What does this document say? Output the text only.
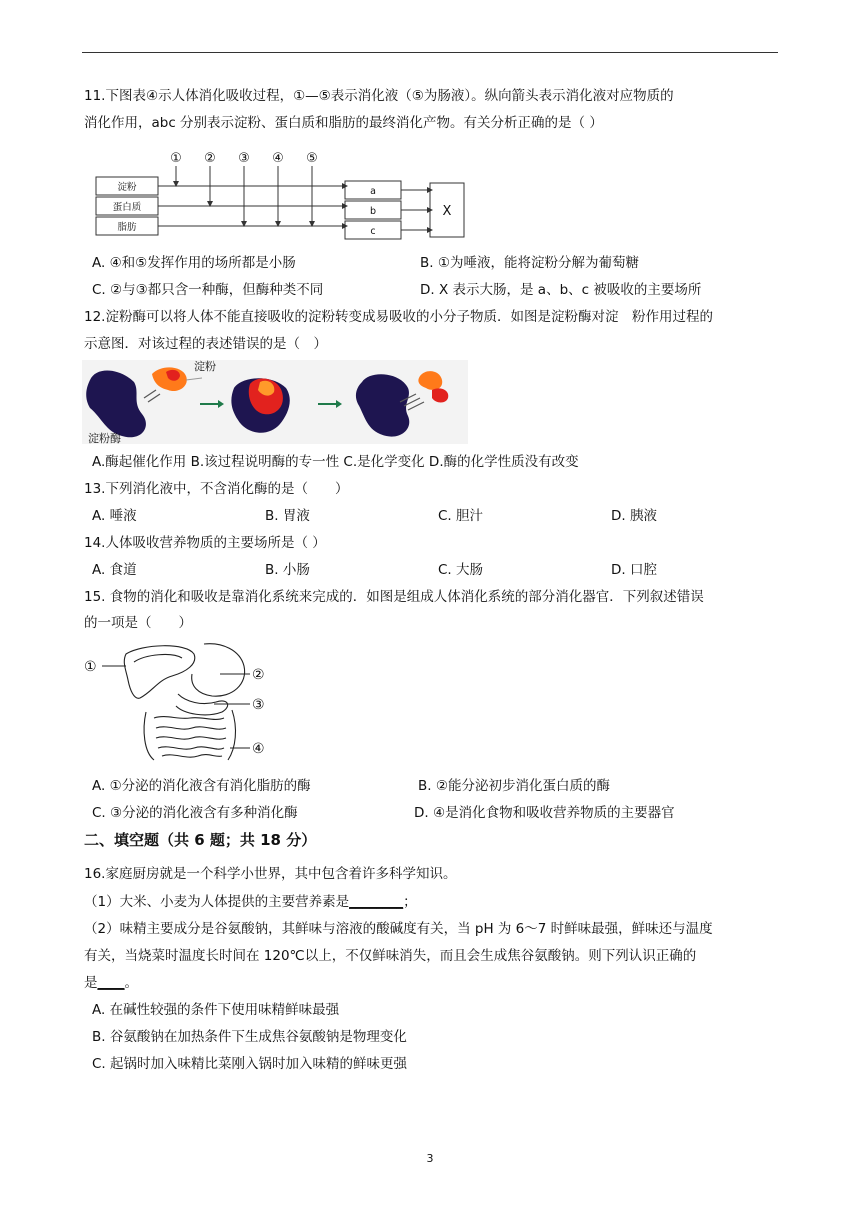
11.下图表④示人体消化吸收过程，①—⑤表示消化液（⑤为肠液）。纵向箭头表示消化液对应物质的
消化作用，abc 分别表示淀粉、蛋白质和脂肪的最终消化产物。有关分析正确的是（ ）
① ② ③ ④ ⑤
淀粉
蛋白质
脂肪
a
b
c
X
A. ④和⑤发挥作用的场所都是小肠	B. ①为唾液，能将淀粉分解为葡萄糖
C. ②与③都只含一种酶，但酶种类不同	D. X 表示大肠，是 a、b、c 被吸收的主要场所
12.淀粉酶可以将人体不能直接吸收的淀粉转变成易吸收的小分子物质．如图是淀粉酶对淀　粉作用过程的
示意图．对该过程的表述错误的是（　）
淀粉
淀粉酶
A.酶起催化作用 B.该过程说明酶的专一性 C.是化学变化 D.酶的化学性质没有改变
13.下列消化液中，不含消化酶的是（　　）
A. 唾液	B. 胃液	C. 胆汁	D. 胰液
14.人体吸收营养物质的主要场所是（ ）
A. 食道	B. 小肠	C. 大肠	D. 口腔
15. 食物的消化和吸收是靠消化系统来完成的．如图是组成人体消化系统的部分消化器官．下列叙述错误
的一项是（　　）
①	②
③
④
A. ①分泌的消化液含有消化脂肪的酶	B. ②能分泌初步消化蛋白质的酶
C. ③分泌的消化液含有多种消化酶	D. ④是消化食物和吸收营养物质的主要器官
二、填空题（共 6 题；共 18 分）
16.家庭厨房就是一个科学小世界，其中包含着许多科学知识。
（1）大米、小麦为人体提供的主要营养素是________；
（2）味精主要成分是谷氨酸钠，其鲜味与溶液的酸碱度有关，当 pH 为 6～7 时鲜味最强，鲜味还与温度
有关，当烧菜时温度长时间在 120℃以上，不仅鲜味消失，而且会生成焦谷氨酸钠。则下列认识正确的
是____。
A. 在碱性较强的条件下使用味精鲜味最强
B. 谷氨酸钠在加热条件下生成焦谷氨酸钠是物理变化
C. 起锅时加入味精比菜刚入锅时加入味精的鲜味更强
3
